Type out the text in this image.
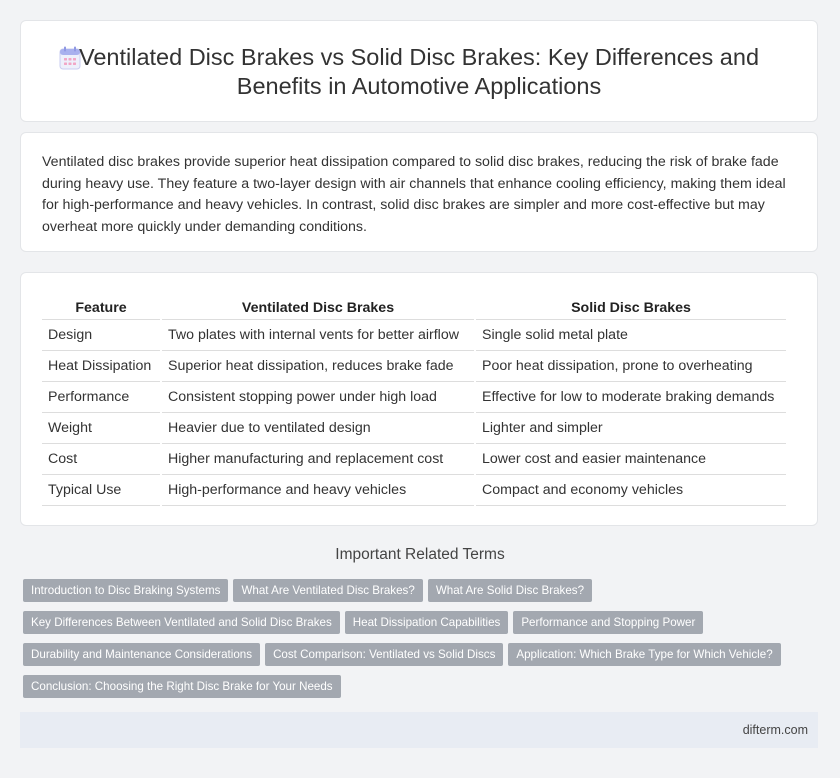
Ventilated Disc Brakes vs Solid Disc Brakes: Key Differences and Benefits in Automotive Applications

Ventilated disc brakes provide superior heat dissipation compared to solid disc brakes, reducing the risk of brake fade during heavy use. They feature a two-layer design with air channels that enhance cooling efficiency, making them ideal for high-performance and heavy vehicles. In contrast, solid disc brakes are simpler and more cost-effective but may overheat more quickly under demanding conditions.

Feature	Ventilated Disc Brakes	Solid Disc Brakes
Design	Two plates with internal vents for better airflow	Single solid metal plate
Heat Dissipation	Superior heat dissipation, reduces brake fade	Poor heat dissipation, prone to overheating
Performance	Consistent stopping power under high load	Effective for low to moderate braking demands
Weight	Heavier due to ventilated design	Lighter and simpler
Cost	Higher manufacturing and replacement cost	Lower cost and easier maintenance
Typical Use	High-performance and heavy vehicles	Compact and economy vehicles
Important Related Terms
Introduction to Disc Braking Systems What Are Ventilated Disc Brakes? What Are Solid Disc Brakes?
Key Differences Between Ventilated and Solid Disc Brakes Heat Dissipation Capabilities Performance and Stopping Power
Durability and Maintenance Considerations Cost Comparison: Ventilated vs Solid Discs Application: Which Brake Type for Which Vehicle?
Conclusion: Choosing the Right Disc Brake for Your Needs
difterm.com
